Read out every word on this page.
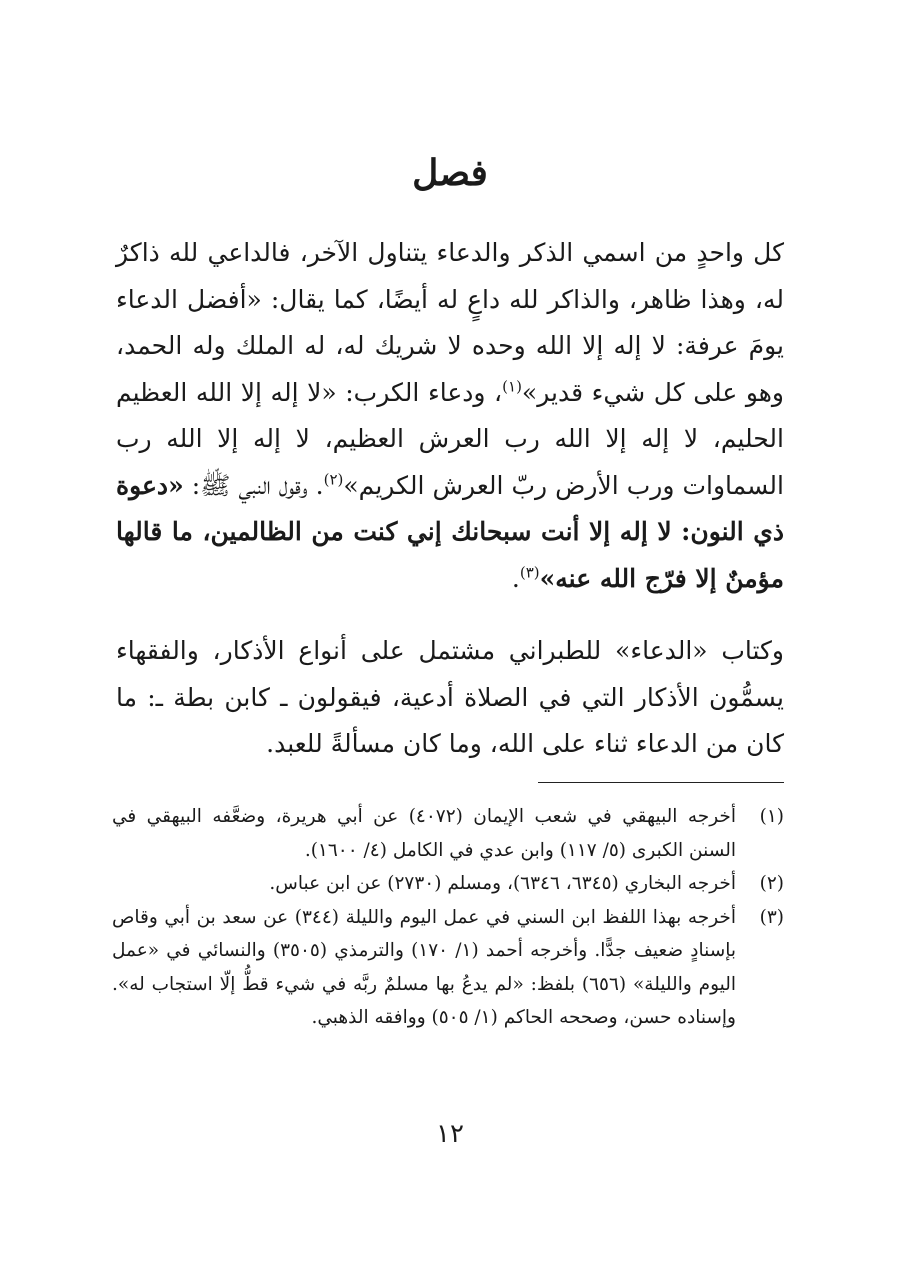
فصل

كل واحدٍ من اسمي الذكر والدعاء يتناول الآخر، فالداعي لله ذاكرٌ له، وهذا ظاهر، والذاكر لله داعٍ له أيضًا، كما يقال: «أفضل الدعاء يومَ عرفة: لا إله إلا الله وحده لا شريك له، له الملك وله الحمد، وهو على كل شيء قدير»$^{(١)}$، ودعاء الكرب: «لا إله إلا الله العظيم الحليم، لا إله إلا الله رب العرش العظيم، لا إله إلا الله رب السماوات ورب الأرض ربّ العرش الكريم»$^{(٢)}$. وقول النبي ﷺ: «دعوة ذي النون: لا إله إلا أنت سبحانك إني كنت من الظالمين، ما قالها مؤمنٌ إلا فرّج الله عنه»$^{(٣)}$.

وكتاب «الدعاء» للطبراني مشتمل على أنواع الأذكار، والفقهاء يسمُّون الأذكار التي في الصلاة أدعية، فيقولون ـ كابن بطة ـ: ما كان من الدعاء ثناء على الله، وما كان مسألةً للعبد.

(١)
أخرجه البيهقي في شعب الإيمان (٤٠٧٢) عن أبي هريرة، وضعَّفه البيهقي في السنن الكبرى (٥/ ١١٧) وابن عدي في الكامل (٤/ ١٦٠٠).
(٢)
أخرجه البخاري (٦٣٤٥، ٦٣٤٦)، ومسلم (٢٧٣٠) عن ابن عباس.
(٣)
أخرجه بهذا اللفظ ابن السني في عمل اليوم والليلة (٣٤٤) عن سعد بن أبي وقاص بإسنادٍ ضعيف جدًّا. وأخرجه أحمد (١/ ١٧٠) والترمذي (٣٥٠٥) والنسائي في «عمل اليوم والليلة» (٦٥٦) بلفظ: «لم يدعُ بها مسلمٌ ربَّه في شيء قطُّ إلّا استجاب له». وإسناده حسن، وصححه الحاكم (١/ ٥٠٥) ووافقه الذهبي.
١٢
